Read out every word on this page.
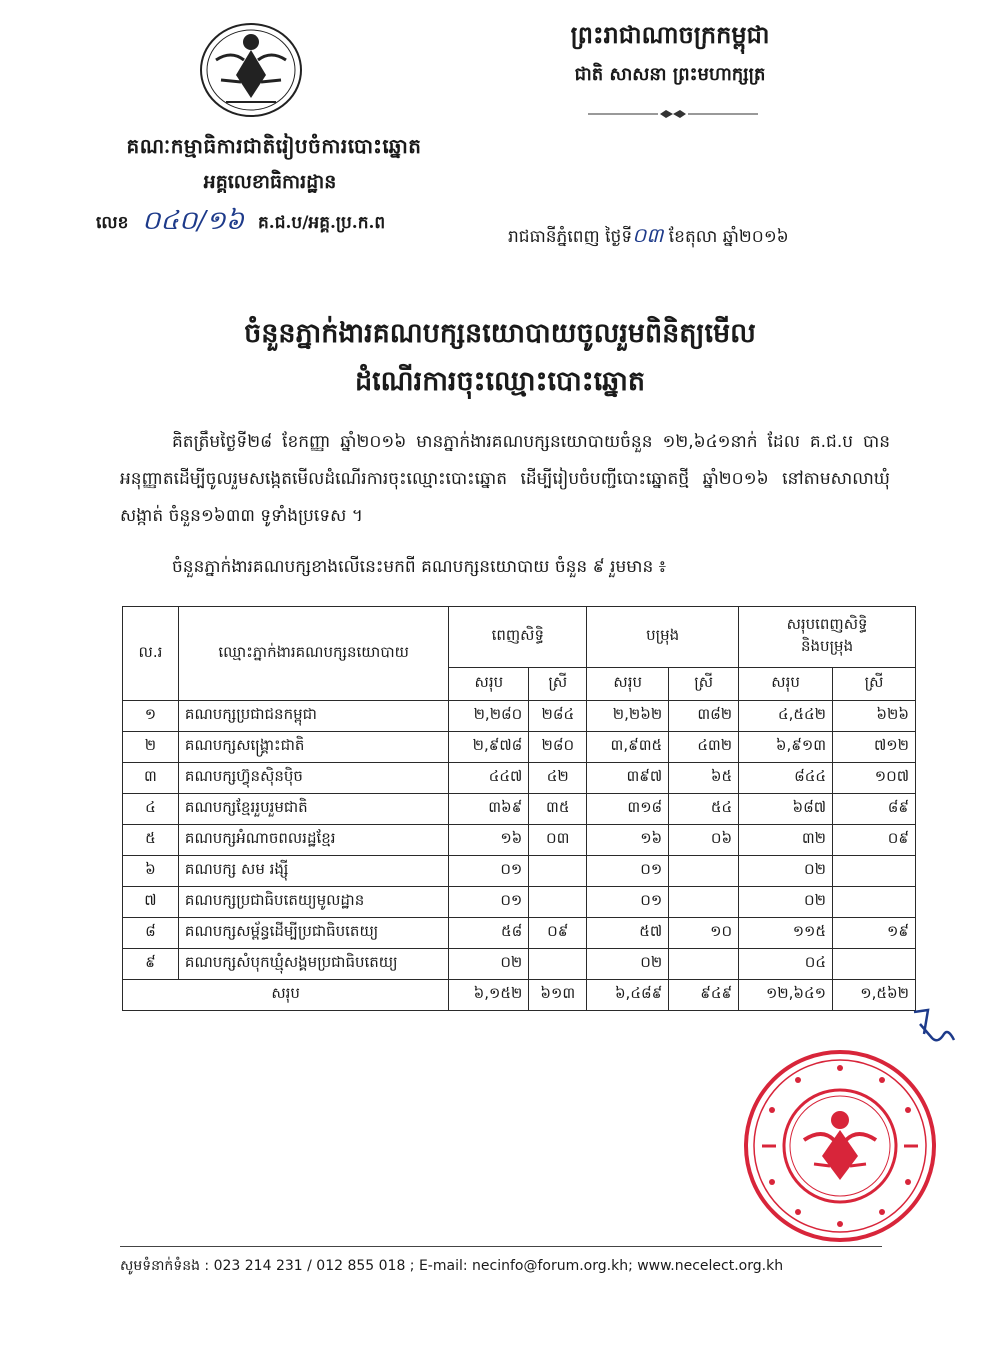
គណៈកម្មាធិការជាតិរៀបចំការបោះឆ្នោត
អគ្គលេខាធិការដ្ឋាន
លេខ ០៤០/១៦ គ.ជ.ប/អគ្គ.ប្រ.ក.ព
ព្រះរាជាណាចក្រកម្ពុជា
ជាតិ សាសនា ព្រះមហាក្សត្រ
រាជធានីភ្នំពេញ ថ្ងៃទី០៣ ខែតុលា ឆ្នាំ២០១៦
ចំនួនភ្នាក់ងារគណបក្សនយោបាយចូលរួមពិនិត្យមើល
ដំណើរការចុះឈ្មោះបោះឆ្នោត
គិតត្រឹមថ្ងៃទី២៨ ខែកញ្ញា ឆ្នាំ២០១៦ មានភ្នាក់ងារគណបក្សនយោបាយចំនួន ១២,៦៤១នាក់ ដែល គ.ជ.ប បានអនុញ្ញាតដើម្បីចូលរួមសង្កេតមើលដំណើរការចុះឈ្មោះបោះឆ្នោត ដើម្បីរៀបចំបញ្ជីបោះឆ្នោតថ្មី ឆ្នាំ២០១៦ នៅតាមសាលាឃុំ សង្កាត់ ចំនួន១៦៣៣ ទូទាំងប្រទេស ។
ចំនួនភ្នាក់ងារគណបក្សខាងលើនេះមកពី គណបក្សនយោបាយ ចំនួន ៩ រួមមាន ៖
ល.រ	ឈ្មោះភ្នាក់ងារគណបក្សនយោបាយ	ពេញសិទ្ធិ		បម្រុង		សរុបពេញសិទ្ធិ
និងបម្រុង	

		សរុប	ស្រី	សរុប	ស្រី	សរុប	ស្រី
១	គណបក្សប្រជាជនកម្ពុជា	២,២៨០	២៨៤	២,២៦២	៣៨២	៤,៥៤២	៦២៦
២	គណបក្សសង្គ្រោះជាតិ	២,៩៧៨	២៨០	៣,៩៣៥	៤៣២	៦,៩១៣	៧១២
៣	គណបក្សហ៊្វុនស៊ិនប៉ិច	៤៤៧	៤២	៣៩៧	៦៥	៨៤៤	១០៧
៤	គណបក្សខ្មែររួបរួមជាតិ	៣៦៩	៣៥	៣១៨	៥៤	៦៨៧	៨៩
៥	គណបក្សអំណាចពលរដ្ឋខ្មែរ	១៦	០៣	១៦	០៦	៣២	០៩
៦	គណបក្ស សម រង្ស៊ី	០១		០១		០២	
៧	គណបក្សប្រជាធិបតេយ្យមូលដ្ឋាន	០១		០១		០២	
៨	គណបក្សសម្ព័ន្ធដើម្បីប្រជាធិបតេយ្យ	៥៨	០៩	៥៧	១០	១១៥	១៩
៩	គណបក្សសំបុកឃ្មុំសង្គមប្រជាធិបតេយ្យ	០២		០២		០៤	
សរុប		៦,១៥២	៦១៣	៦,៤៨៩	៩៤៩	១២,៦៤១	១,៥៦២
សូមទំនាក់ទំនង : 023 214 231 / 012 855 018 ; E-mail: necinfo@forum.org.kh; www.necelect.org.kh
